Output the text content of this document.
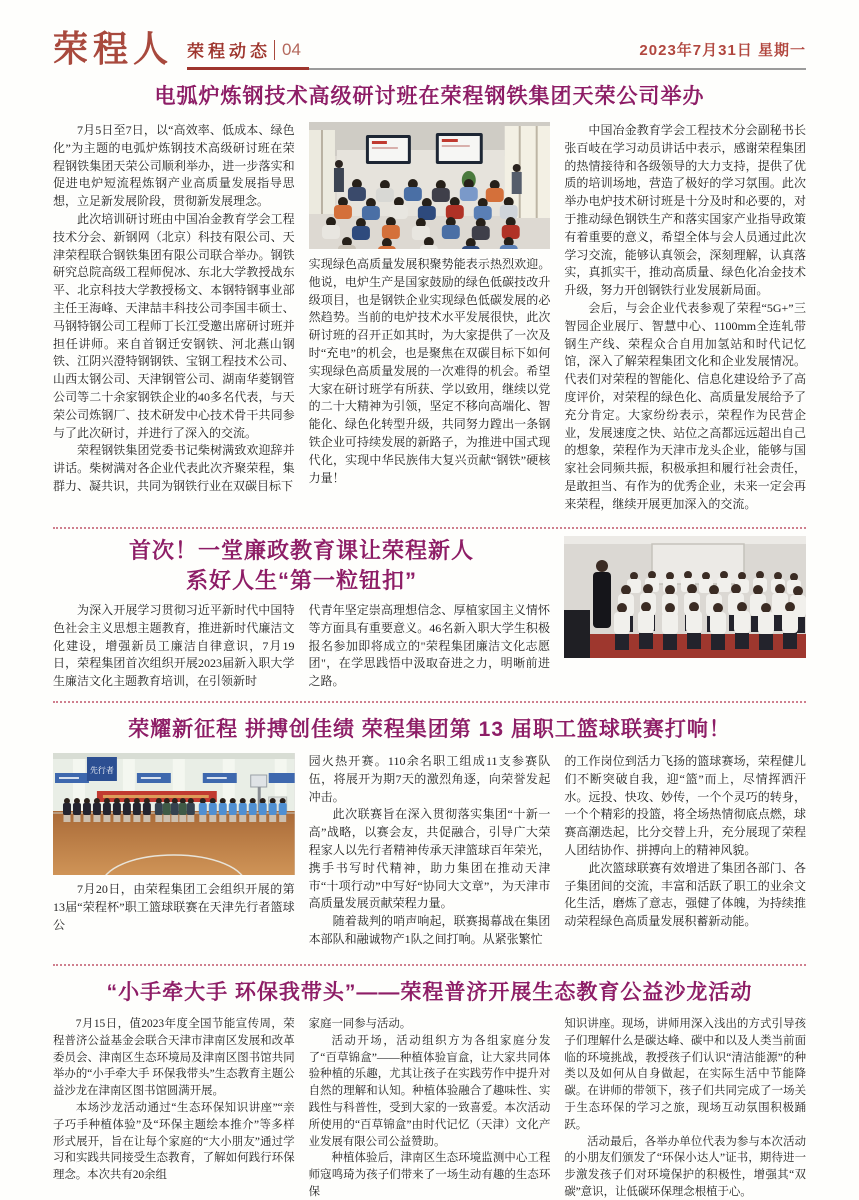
荣程人 荣程动态 04	2023年7月31日 星期一
电弧炉炼钢技术高级研讨班在荣程钢铁集团天荣公司举办

7月5日至7日，以“高效率、低成本、绿色化”为主题的电弧炉炼钢技术高级研讨班在荣程钢铁集团天荣公司顺利举办，进一步落实和促进电炉短流程炼钢产业高质量发展指导思想，立足新发展阶段，贯彻新发展理念。

此次培训研讨班由中国冶金教育学会工程技术分会、新钢网（北京）科技有限公司、天津荣程联合钢铁集团有限公司联合举办。钢铁研究总院高级工程师倪冰、东北大学教授战东平、北京科技大学教授杨文、本钢特钢事业部主任王海峰、天津喆丰科技公司李国丰硕士、马钢特钢公司工程师丁长江受邀出席研讨班并担任讲师。来自首钢迁安钢铁、河北燕山钢铁、江阴兴澄特钢钢铁、宝钢工程技术公司、山西太钢公司、天津钢管公司、湖南华菱钢管公司等二十余家钢铁企业的40多名代表，与天荣公司炼钢厂、技术研发中心技术骨干共同参与了此次研讨，并进行了深入的交流。

荣程钢铁集团党委书记柴树满致欢迎辞并讲话。柴树满对各企业代表此次齐聚荣程，集群力、凝共识，共同为钢铁行业在双碳目标下

实现绿色高质量发展积聚势能表示热烈欢迎。他说，电炉生产是国家鼓励的绿色低碳技改升级项目，也是钢铁企业实现绿色低碳发展的必然趋势。当前的电炉技术水平发展很快，此次研讨班的召开正如其时，为大家提供了一次及时“充电”的机会，也是聚焦在双碳目标下如何实现绿色高质量发展的一次难得的机会。希望大家在研讨班学有所获、学以致用，继续以党的二十大精神为引领，坚定不移向高端化、智能化、绿色化转型升级，共同努力蹚出一条钢铁企业可持续发展的新路子，为推进中国式现代化，实现中华民族伟大复兴贡献“钢铁”硬核力量！

中国冶金教育学会工程技术分会副秘书长张百岐在学习动员讲话中表示，感谢荣程集团的热情接待和各级领导的大力支持，提供了优质的培训场地，营造了极好的学习氛围。此次举办电炉技术研讨班是十分及时和必要的，对于推动绿色钢铁生产和落实国家产业指导政策有着重要的意义，希望全体与会人员通过此次学习交流，能够认真领会，深刻理解，认真落实，真抓实干，推动高质量、绿色化冶金技术升级，努力开创钢铁行业发展新局面。

会后，与会企业代表参观了荣程“5G+”三智园企业展厅、智慧中心、1100mm全连轧带钢生产线、荣程众合自用加氢站和时代记忆馆，深入了解荣程集团文化和企业发展情况。代表们对荣程的智能化、信息化建设给予了高度评价，对荣程的绿色化、高质量发展给予了充分肯定。大家纷纷表示，荣程作为民营企业，发展速度之快、站位之高都远远超出自己的想象，荣程作为天津市龙头企业，能够与国家社会同频共振，积极承担和履行社会责任，是敢担当、有作为的优秀企业，未来一定会再来荣程，继续开展更加深入的交流。

首次！一堂廉政教育课让荣程新人
系好人生“第一粒钮扣”

为深入开展学习贯彻习近平新时代中国特色社会主义思想主题教育，推进新时代廉洁文化建设，增强新员工廉洁自律意识，7月19日，荣程集团首次组织开展2023届新入职大学生廉洁文化主题教育培训，在引领新时

代青年坚定崇高理想信念、厚植家国主义情怀等方面具有重要意义。46名新入职大学生积极报名参加即将成立的"荣程集团廉洁文化志愿团"，在学思践悟中汲取奋进之力，明晰前进之路。

荣耀新征程 拼搏创佳绩 荣程集团第 13 届职工篮球联赛打响！
先行者

7月20日，由荣程集团工会组织开展的第13届“荣程杯”职工篮球联赛在天津先行者篮球公

园火热开赛。110余名职工组成11支参赛队伍，将展开为期7天的激烈角逐，向荣誉发起冲击。

此次联赛旨在深入贯彻落实集团“十新一高”战略，以赛会友，共促融合，引导广大荣程家人以先行者精神传承天津篮球百年荣光，携手书写时代精神，助力集团在推动天津市“十项行动”中写好“协同大文章”，为天津市高质量发展贡献荣程力量。

随着裁判的哨声响起，联赛揭幕战在集团本部队和融诚物产1队之间打响。从紧张繁忙

的工作岗位到活力飞扬的篮球赛场，荣程健儿们不断突破自我，迎“篮”而上，尽情挥洒汗水。远投、快攻、妙传，一个个灵巧的转身，一个个精彩的投篮，将全场热情彻底点燃，球赛高潮迭起，比分交替上升，充分展现了荣程人团结协作、拼搏向上的精神风貌。

此次篮球联赛有效增进了集团各部门、各子集团间的交流，丰富和活跃了职工的业余文化生活，磨炼了意志，强健了体魄，为持续推动荣程绿色高质量发展积蓄新动能。

“小手牵大手 环保我带头”——荣程普济开展生态教育公益沙龙活动

7月15日，值2023年度全国节能宣传周，荣程普济公益基金会联合天津市津南区发展和改革委员会、津南区生态环境局及津南区图书馆共同举办的“小手牵大手 环保我带头”生态教育主题公益沙龙在津南区图书馆圆满开展。

本场沙龙活动通过“生态环保知识讲座”“亲子巧手种植体验”及“环保主题绘本推介”等多样形式展开，旨在让每个家庭的“大小朋友”通过学习和实践共同接受生态教育，了解如何践行环保理念。本次共有20余组

家庭一同参与活动。

活动开场，活动组织方为各组家庭分发了“百草锦盒”——种植体验盲盒，让大家共同体验种植的乐趣，尤其让孩子在实践劳作中提升对自然的理解和认知。种植体验融合了趣味性、实践性与科普性，受到大家的一致喜爱。本次活动所使用的“百草锦盒”由时代记忆（天津）文化产业发展有限公司公益赞助。

种植体验后，津南区生态环境监测中心工程师寇鸣琦为孩子们带来了一场生动有趣的生态环保

知识讲座。现场，讲师用深入浅出的方式引导孩子们理解什么是碳达峰、碳中和以及人类当前面临的环境挑战，教授孩子们认识“清洁能源”的种类以及如何从自身做起，在实际生活中节能降碳。在讲师的带领下，孩子们共同完成了一场关于生态环保的学习之旅，现场互动氛围积极踊跃。

活动最后，各举办单位代表为参与本次活动的小朋友们颁发了“环保小达人”证书，期待进一步激发孩子们对环境保护的积极性，增强其“双碳”意识，让低碳环保理念根植于心。
